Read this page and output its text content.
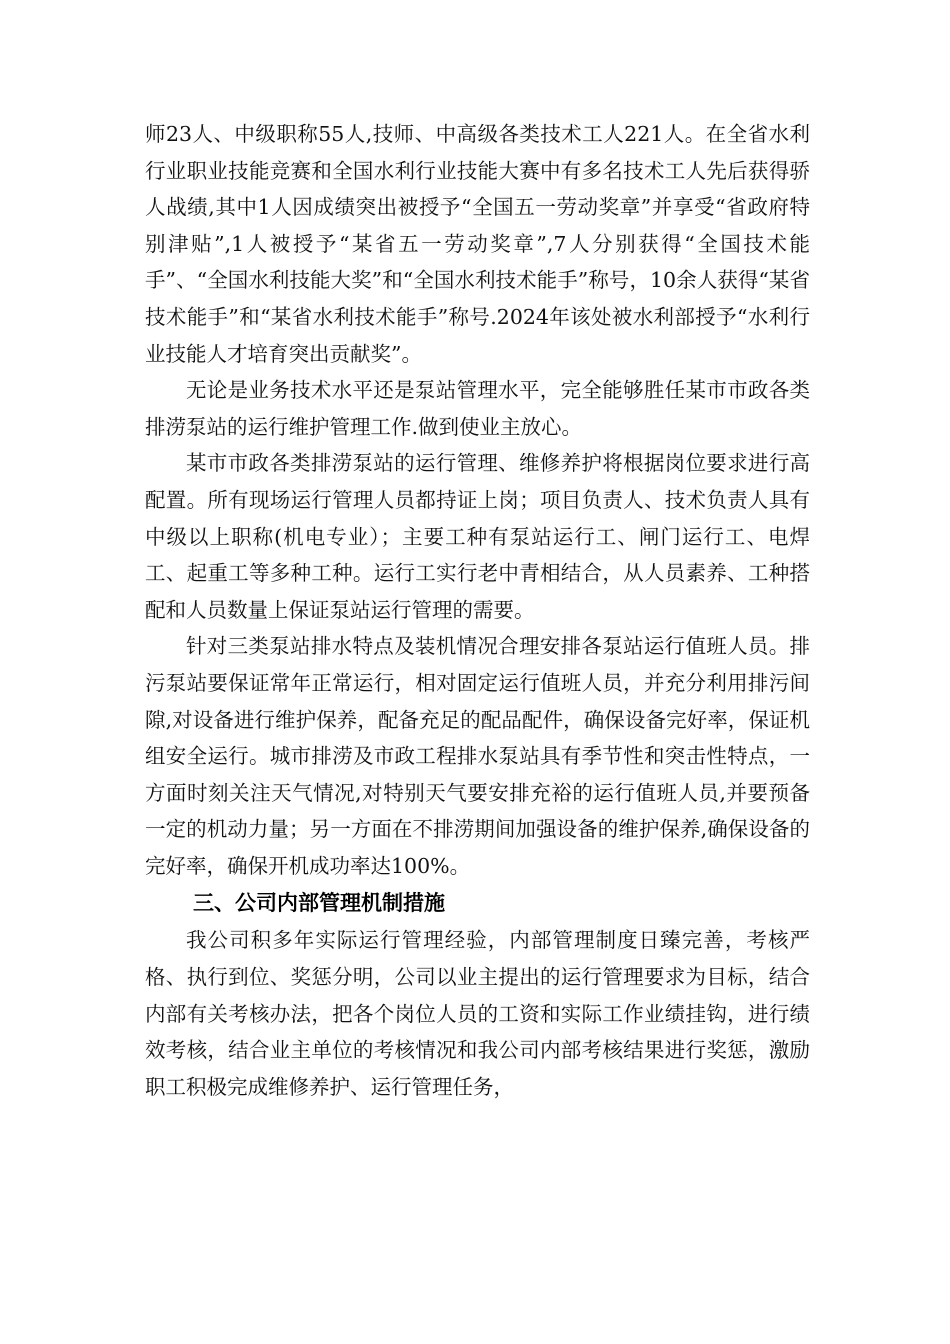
师23人、中级职称55人,技师、中高级各类技术工人221人。在全省水利行业职业技能竞赛和全国水利行业技能大赛中有多名技术工人先后获得骄人战绩,其中1人因成绩突出被授予“全国五一劳动奖章”并享受“省政府特别津贴”,1人被授予“某省五一劳动奖章”,7人分别获得“全国技术能手”、“全国水利技能大奖”和“全国水利技术能手”称号，10余人获得“某省技术能手”和“某省水利技术能手”称号.2024年该处被水利部授予“水利行业技能人才培育突出贡献奖”。

无论是业务技术水平还是泵站管理水平，完全能够胜任某市市政各类排涝泵站的运行维护管理工作.做到使业主放心。

某市市政各类排涝泵站的运行管理、维修养护将根据岗位要求进行高配置。所有现场运行管理人员都持证上岗；项目负责人、技术负责人具有中级以上职称(机电专业）；主要工种有泵站运行工、闸门运行工、电焊工、起重工等多种工种。运行工实行老中青相结合，从人员素养、工种搭配和人员数量上保证泵站运行管理的需要。

针对三类泵站排水特点及装机情况合理安排各泵站运行值班人员。排污泵站要保证常年正常运行，相对固定运行值班人员，并充分利用排污间隙,对设备进行维护保养，配备充足的配品配件，确保设备完好率，保证机组安全运行。城市排涝及市政工程排水泵站具有季节性和突击性特点，一方面时刻关注天气情况,对特别天气要安排充裕的运行值班人员,并要预备一定的机动力量；另一方面在不排涝期间加强设备的维护保养,确保设备的完好率，确保开机成功率达100%。

三、公司内部管理机制措施

我公司积多年实际运行管理经验，内部管理制度日臻完善，考核严格、执行到位、奖惩分明，公司以业主提出的运行管理要求为目标，结合内部有关考核办法，把各个岗位人员的工资和实际工作业绩挂钩，进行绩效考核，结合业主单位的考核情况和我公司内部考核结果进行奖惩，激励职工积极完成维修养护、运行管理任务，
